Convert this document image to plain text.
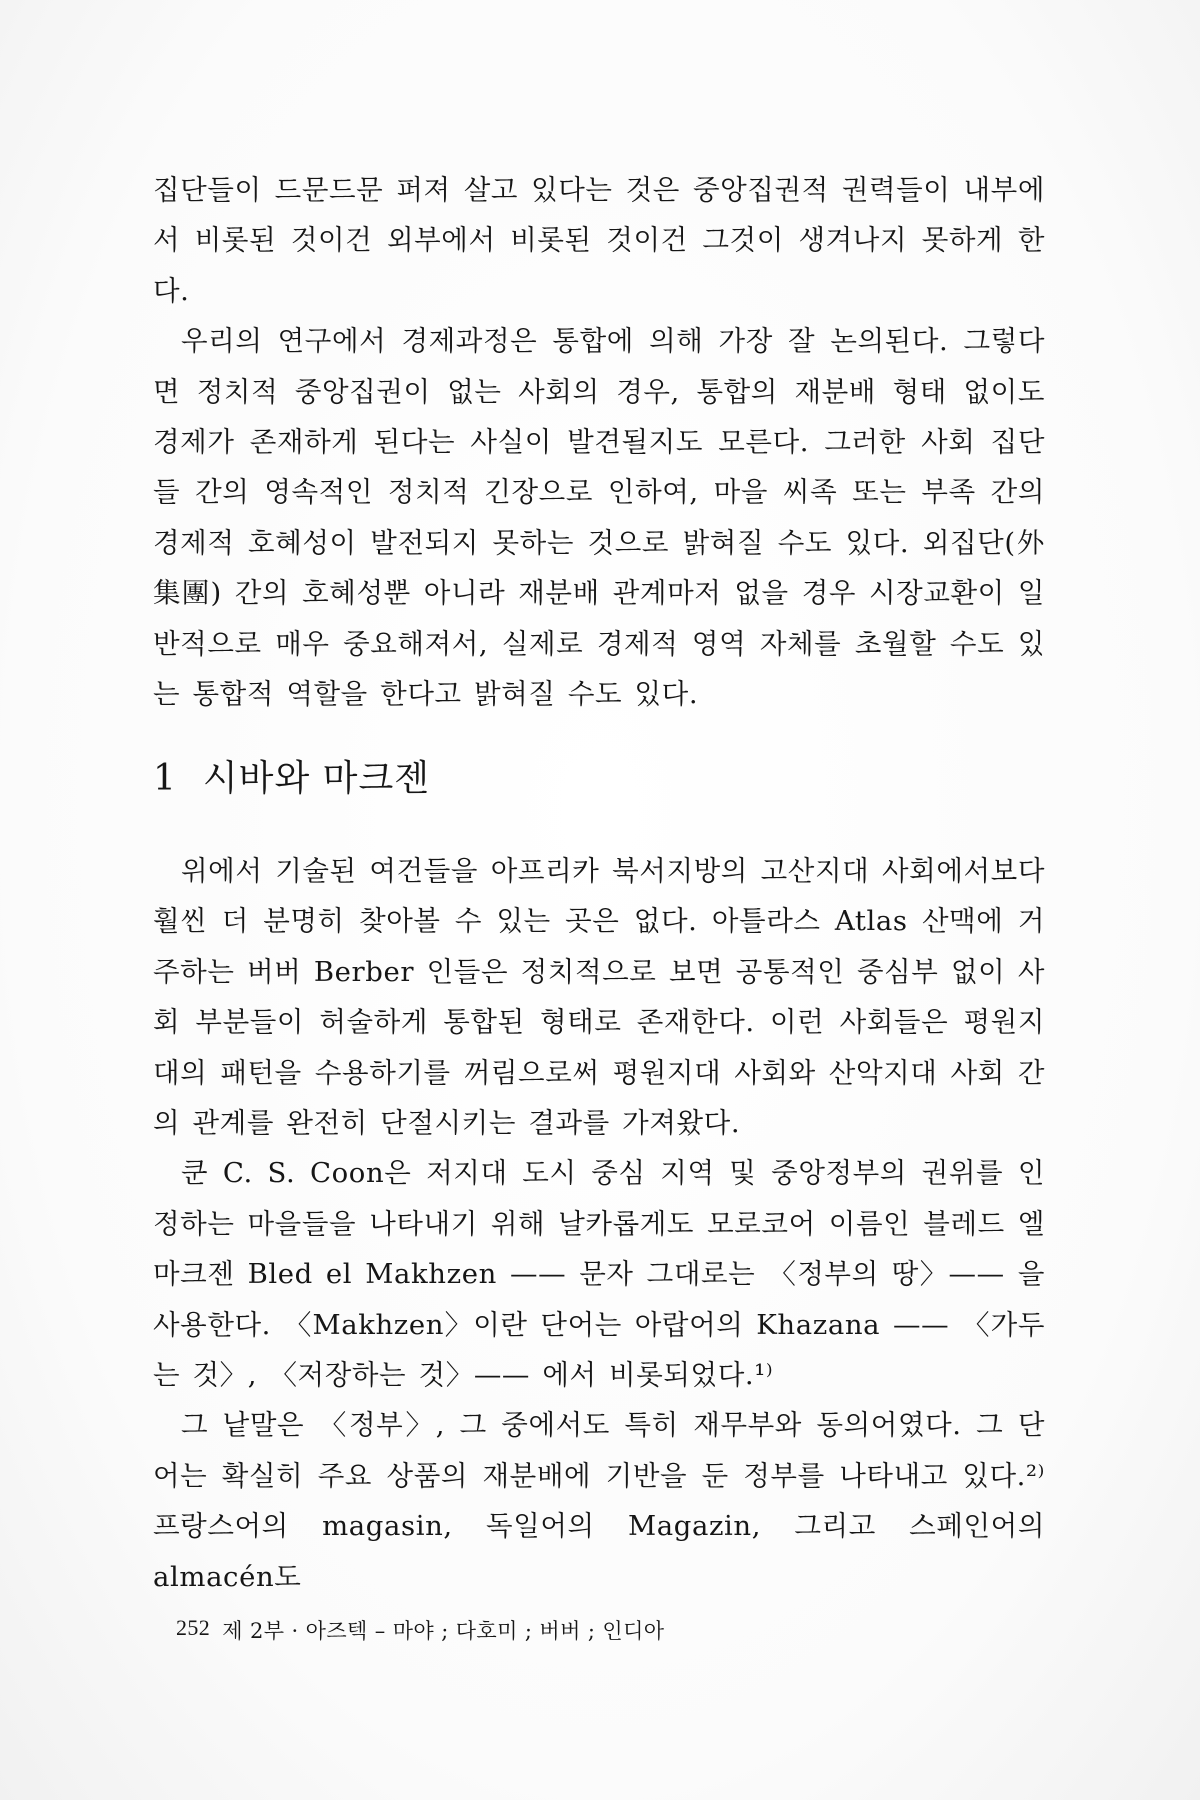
집단들이 드문드문 퍼져 살고 있다는 것은 중앙집권적 권력들이 내부에서 비롯된 것이건 외부에서 비롯된 것이건 그것이 생겨나지 못하게 한다.

우리의 연구에서 경제과정은 통합에 의해 가장 잘 논의된다. 그렇다면 정치적 중앙집권이 없는 사회의 경우, 통합의 재분배 형태 없이도 경제가 존재하게 된다는 사실이 발견될지도 모른다. 그러한 사회 집단들 간의 영속적인 정치적 긴장으로 인하여, 마을 씨족 또는 부족 간의 경제적 호혜성이 발전되지 못하는 것으로 밝혀질 수도 있다. 외집단(外集團) 간의 호혜성뿐 아니라 재분배 관계마저 없을 경우 시장교환이 일반적으로 매우 중요해져서, 실제로 경제적 영역 자체를 초월할 수도 있는 통합적 역할을 한다고 밝혀질 수도 있다.

1 시바와 마크젠

위에서 기술된 여건들을 아프리카 북서지방의 고산지대 사회에서보다 훨씬 더 분명히 찾아볼 수 있는 곳은 없다. 아틀라스 Atlas 산맥에 거주하는 버버 Berber 인들은 정치적으로 보면 공통적인 중심부 없이 사회 부분들이 허술하게 통합된 형태로 존재한다. 이런 사회들은 평원지대의 패턴을 수용하기를 꺼림으로써 평원지대 사회와 산악지대 사회 간의 관계를 완전히 단절시키는 결과를 가져왔다.

쿤 C. S. Coon은 저지대 도시 중심 지역 및 중앙정부의 권위를 인정하는 마을들을 나타내기 위해 날카롭게도 모로코어 이름인 블레드 엘 마크젠 Bled el Makhzen —— 문자 그대로는 〈정부의 땅〉—— 을 사용한다. 〈Makhzen〉이란 단어는 아랍어의 Khazana —— 〈가두는 것〉, 〈저장하는 것〉—— 에서 비롯되었다.¹⁾

그 낱말은 〈정부〉, 그 중에서도 특히 재무부와 동의어였다. 그 단어는 확실히 주요 상품의 재분배에 기반을 둔 정부를 나타내고 있다.²⁾ 프랑스어의 magasin, 독일어의 Magazin, 그리고 스페인어의 almacén도

252 제 2부 · 아즈텍 – 마야 ; 다호미 ; 버버 ; 인디아
